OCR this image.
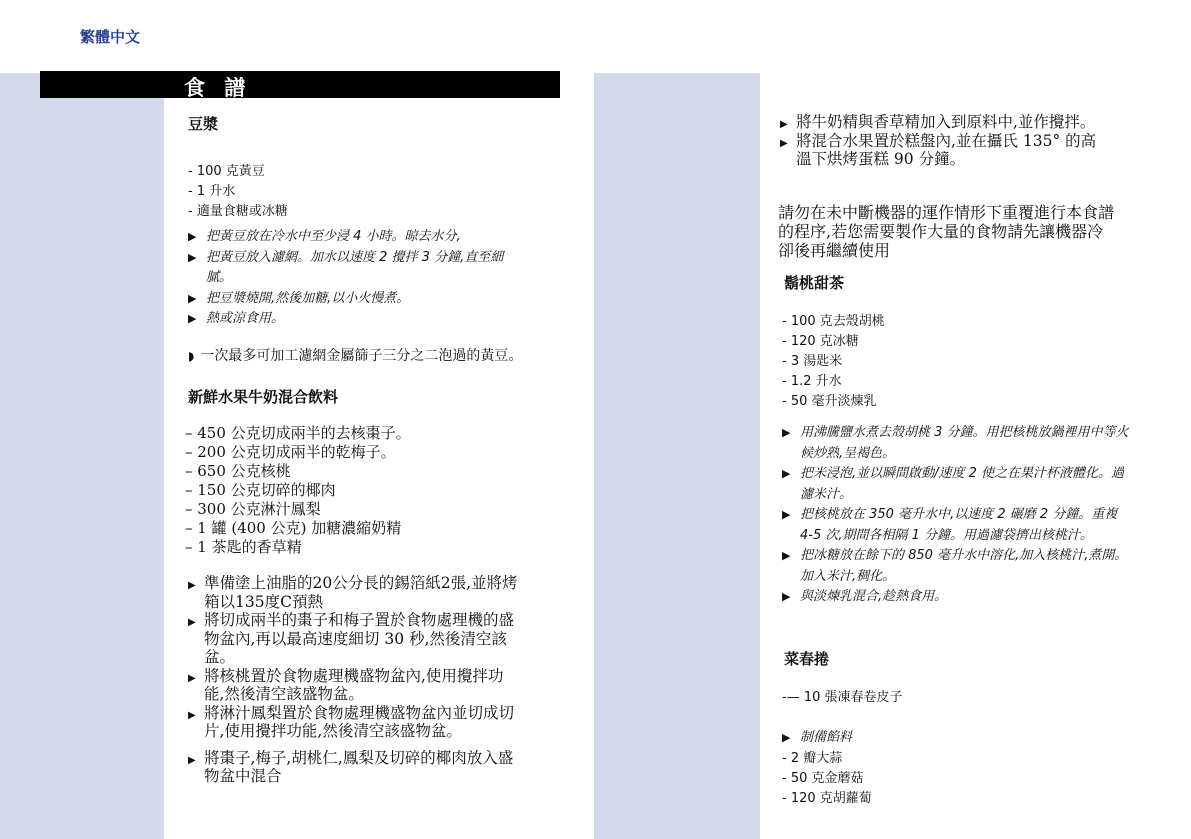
繁體中文
食 譜
豆漿
- 100 克黃豆
- 1 升水
- 適量食糖或冰糖
▶ 把黃豆放在冷水中至少浸 4 小時。晾去水分,
▶ 把黃豆放入濾網。加水以速度 2 攪拌 3 分鐘,直至細膩。
▶ 把豆漿燒開,然後加糖,以小火慢煮。
▶ 熱或涼食用。
◗ 一次最多可加工濾網金屬篩子三分之二泡過的黃豆。
新鮮水果牛奶混合飲料
– 450 公克切成兩半的去核棗子。
– 200 公克切成兩半的乾梅子。
– 650 公克核桃
– 150 公克切碎的椰肉
– 300 公克淋汁鳳梨
– 1 罐 (400 公克) 加糖濃縮奶精
– 1 茶匙的香草精
▶ 準備塗上油脂的20公分長的錫箔紙2張,並將烤箱以135度C預熱
▶ 將切成兩半的棗子和梅子置於食物處理機的盛物盆內,再以最高速度細切 30 秒,然後清空該盆。
▶ 將核桃置於食物處理機盛物盆內,使用攪拌功能,然後清空該盛物盆。
▶ 將淋汁鳳梨置於食物處理機盛物盆內並切成切片,使用攪拌功能,然後清空該盛物盆。
▶ 將棗子,梅子,胡桃仁,鳳梨及切碎的椰肉放入盛物盆中混合
▶ 將牛奶精與香草精加入到原料中,並作攪拌。
▶ 將混合水果置於糕盤內,並在攝氏 135° 的高溫下烘烤蛋糕 90 分鐘。
請勿在未中斷機器的運作情形下重覆進行本食譜的程序,若您需要製作大量的食物請先讓機器冷卻後再繼續使用
鬍桃甜茶
- 100 克去殼胡桃
- 120 克冰糖
- 3 湯匙米
- 1.2 升水
- 50 毫升淡煉乳
▶ 用沸騰鹽水煮去殼胡桃 3 分鐘。用把核桃放鍋裡用中等火候炒熟,呈褐色。
▶ 把米浸泡,並以瞬間啟動/速度 2 使之在果汁杯液體化。過濾米汁。
▶ 把核桃放在 350 毫升水中,以速度 2 碾磨 2 分鐘。重複 4-5 次,期間各相隔 1 分鐘。用過濾袋擠出核桃汁。
▶ 把冰糖放在餘下的 850 毫升水中溶化,加入核桃汁,煮開。加入米汁,稠化。
▶ 與淡煉乳混合,趁熱食用。
菜春捲
-— 10 張凍春卷皮子
▶ 制備餡料
- 2 瓣大蒜
- 50 克金蘑菇
- 120 克胡蘿蔔
